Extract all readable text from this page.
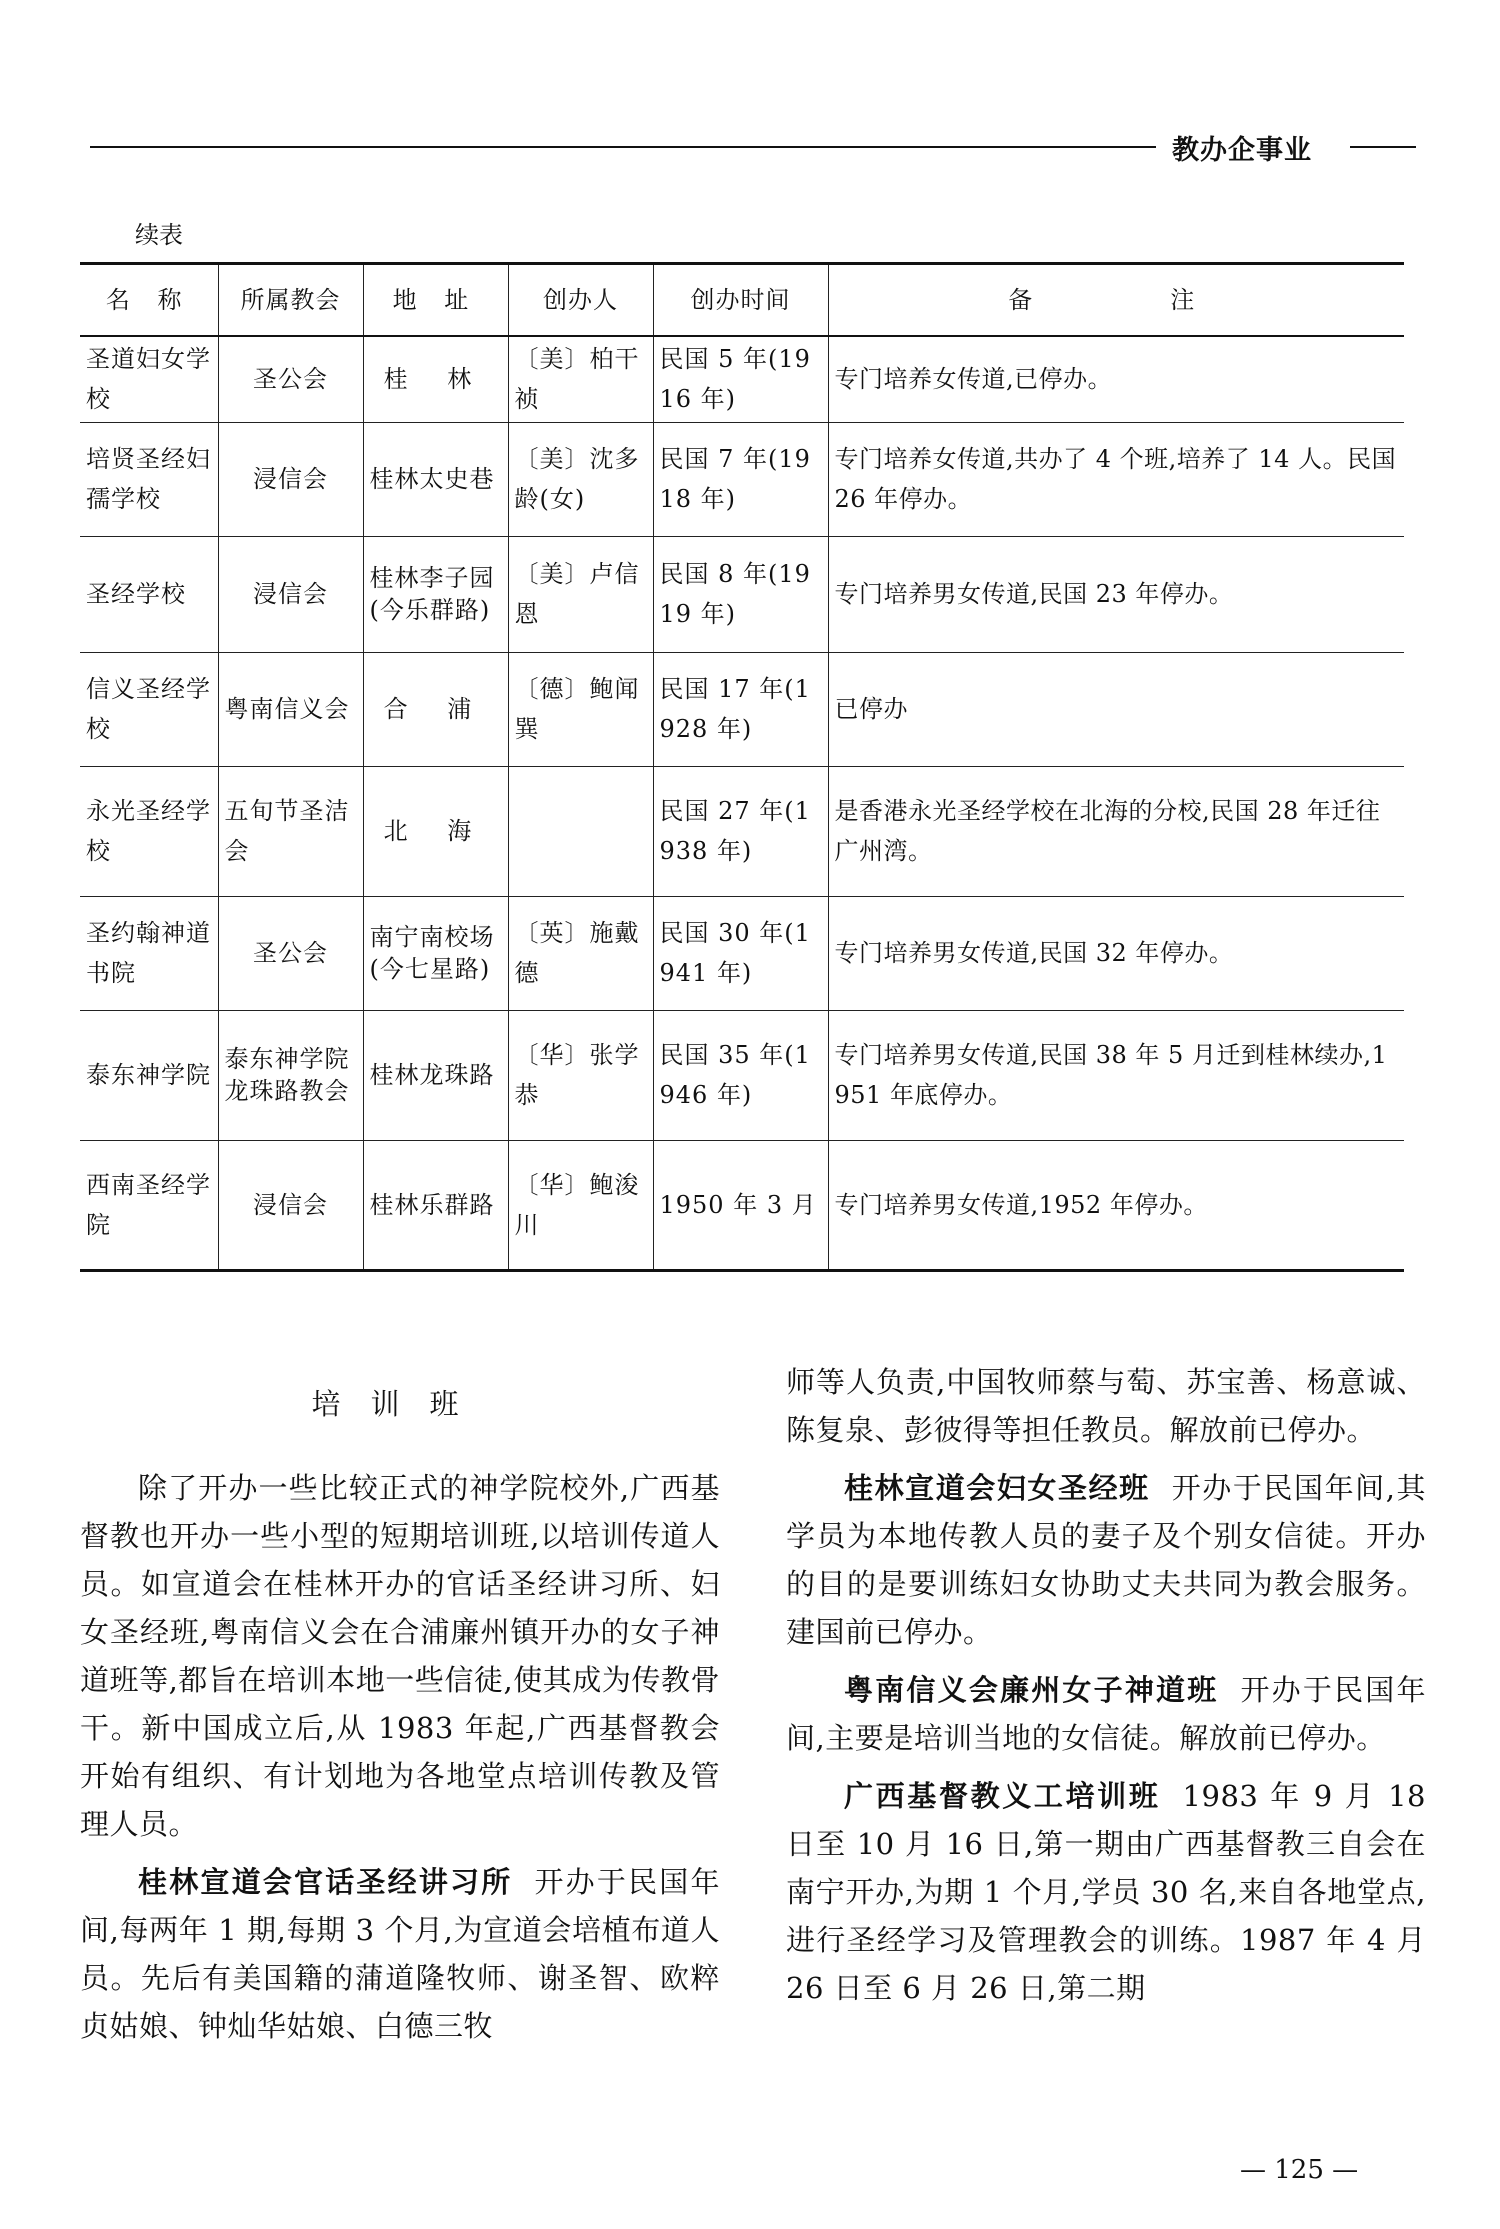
教办企事业
续表
名 称	所属教会	地 址	创办人	创办时间	备　　注
圣道妇女学校	圣公会	桂 林	〔美〕柏干祯	民国 5 年(1916 年)	专门培养女传道,已停办。
培贤圣经妇孺学校	浸信会	桂林太史巷	〔美〕沈多龄(女)	民国 7 年(1918 年)	专门培养女传道,共办了 4 个班,培养了 14 人。民国 26 年停办。
圣经学校	浸信会	桂林李子园(今乐群路)	〔美〕卢信恩	民国 8 年(1919 年)	专门培养男女传道,民国 23 年停办。
信义圣经学校	粤南信义会	合 浦	〔德〕鲍闻巽	民国 17 年(1928 年)	已停办
永光圣经学校	五旬节圣洁会	北 海		民国 27 年(1938 年)	是香港永光圣经学校在北海的分校,民国 28 年迁往广州湾。
圣约翰神道书院	圣公会	南宁南校场(今七星路)	〔英〕施戴德	民国 30 年(1941 年)	专门培养男女传道,民国 32 年停办。
泰东神学院	泰东神学院龙珠路教会	桂林龙珠路	〔华〕张学恭	民国 35 年(1946 年)	专门培养男女传道,民国 38 年 5 月迁到桂林续办,1951 年底停办。
西南圣经学院	浸信会	桂林乐群路	〔华〕鲍浚川	1950 年 3 月	专门培养男女传道,1952 年停办。
培训班

除了开办一些比较正式的神学院校外,广西基督教也开办一些小型的短期培训班,以培训传道人员。如宣道会在桂林开办的官话圣经讲习所、妇女圣经班,粤南信义会在合浦廉州镇开办的女子神道班等,都旨在培训本地一些信徒,使其成为传教骨干。新中国成立后,从 1983 年起,广西基督教会开始有组织、有计划地为各地堂点培训传教及管理人员。

桂林宣道会官话圣经讲习所 开办于民国年间,每两年 1 期,每期 3 个月,为宣道会培植布道人员。先后有美国籍的蒲道隆牧师、谢圣智、欧粹贞姑娘、钟灿华姑娘、白德三牧

师等人负责,中国牧师蔡与萄、苏宝善、杨意诚、陈复泉、彭彼得等担任教员。解放前已停办。

桂林宣道会妇女圣经班 开办于民国年间,其学员为本地传教人员的妻子及个别女信徒。开办的目的是要训练妇女协助丈夫共同为教会服务。建国前已停办。

粤南信义会廉州女子神道班 开办于民国年间,主要是培训当地的女信徒。解放前已停办。

广西基督教义工培训班 1983 年 9 月 18 日至 10 月 16 日,第一期由广西基督教三自会在南宁开办,为期 1 个月,学员 30 名,来自各地堂点,进行圣经学习及管理教会的训练。1987 年 4 月 26 日至 6 月 26 日,第二期

— 125 —
